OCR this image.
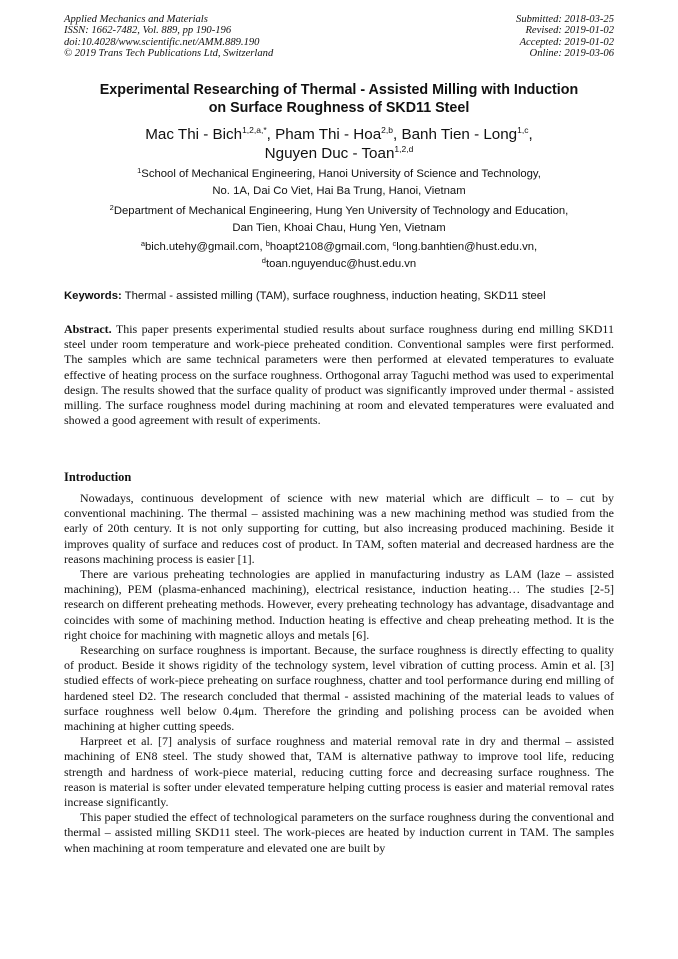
Applied Mechanics and Materials
ISSN: 1662-7482, Vol. 889, pp 190-196
doi:10.4028/www.scientific.net/AMM.889.190
© 2019 Trans Tech Publications Ltd, Switzerland
Submitted: 2018-03-25
Revised: 2019-01-02
Accepted: 2019-01-02
Online: 2019-03-06
Experimental Researching of Thermal - Assisted Milling with Induction
on Surface Roughness of SKD11 Steel
Mac Thi - Bich$^{1,2,a,*}$, Pham Thi - Hoa$^{2,b}$, Banh Tien - Long$^{1,c}$,
Nguyen Duc - Toan$^{1,2,d}$
$^1$School of Mechanical Engineering, Hanoi University of Science and Technology,
No. 1A, Dai Co Viet, Hai Ba Trung, Hanoi, Vietnam
$^2$Department of Mechanical Engineering, Hung Yen University of Technology and Education,
Dan Tien, Khoai Chau, Hung Yen, Vietnam
$^a$bich.utehy@gmail.com, $^b$hoapt2108@gmail.com, $^c$long.banhtien@hust.edu.vn,
$^d$toan.nguyenduc@hust.edu.vn
Keywords: Thermal - assisted milling (TAM), surface roughness, induction heating, SKD11 steel

Abstract. This paper presents experimental studied results about surface roughness during end milling SKD11 steel under room temperature and work-piece preheated condition. Conventional samples were first performed. The samples which are same technical parameters were then performed at elevated temperatures to evaluate effective of heating process on the surface roughness. Orthogonal array Taguchi method was used to experimental design. The results showed that the surface quality of product was significantly improved under thermal - assisted milling. The surface roughness model during machining at room and elevated temperatures were evaluated and showed a good agreement with result of experiments.

Introduction

Nowadays, continuous development of science with new material which are difficult – to – cut by conventional machining. The thermal – assisted machining was a new machining method was studied from the early of 20th century. It is not only supporting for cutting, but also increasing produced machining. Beside it improves quality of surface and reduces cost of product. In TAM, soften material and decreased hardness are the reasons machining process is easier [1].

There are various preheating technologies are applied in manufacturing industry as LAM (laze – assisted machining), PEM (plasma-enhanced machining), electrical resistance, induction heating… The studies [2-5] research on different preheating methods. However, every preheating technology has advantage, disadvantage and coincides with some of machining method. Induction heating is effective and cheap preheating method. It is the right choice for machining with magnetic alloys and metals [6].

Researching on surface roughness is important. Because, the surface roughness is directly effecting to quality of product. Beside it shows rigidity of the technology system, level vibration of cutting process. Amin et al. [3] studied effects of work-piece preheating on surface roughness, chatter and tool performance during end milling of hardened steel D2. The research concluded that thermal - assisted machining of the material leads to values of surface roughness well below 0.4μm. Therefore the grinding and polishing process can be avoided when machining at higher cutting speeds.

Harpreet et al. [7] analysis of surface roughness and material removal rate in dry and thermal – assisted machining of EN8 steel. The study showed that, TAM is alternative pathway to improve tool life, reducing strength and hardness of work-piece material, reducing cutting force and decreasing surface roughness. The reason is material is softer under elevated temperature helping cutting process is easier and material removal rates increase significantly.

This paper studied the effect of technological parameters on the surface roughness during the conventional and thermal – assisted milling SKD11 steel. The work-pieces are heated by induction current in TAM. The samples when machining at room temperature and elevated one are built by
